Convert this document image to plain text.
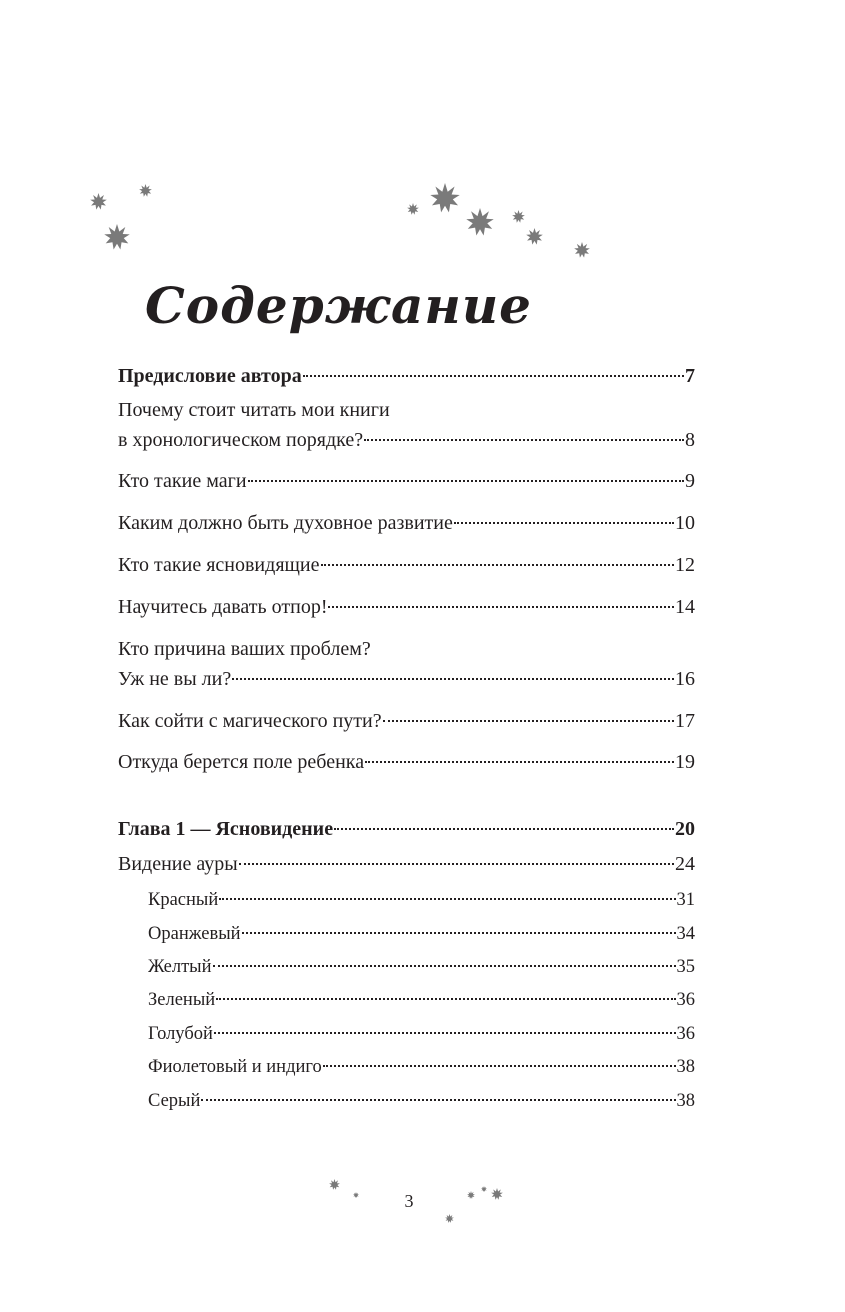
Содержание
Предисловие автора	7
Почему стоит читать мои книги
в хронологическом порядке?	8
Кто такие маги	9
Каким должно быть духовное развитие	10
Кто такие ясновидящие	12
Научитесь давать отпор!	14
Кто причина ваших проблем?
Уж не вы ли?	16
Как сойти с магического пути?	17
Откуда берется поле ребенка	19
Глава 1 — Ясновидение	20
Видение ауры	24
Красный	31
Оранжевый	34
Желтый	35
Зеленый	36
Голубой	36
Фиолетовый и индиго	38
Серый	38
3
